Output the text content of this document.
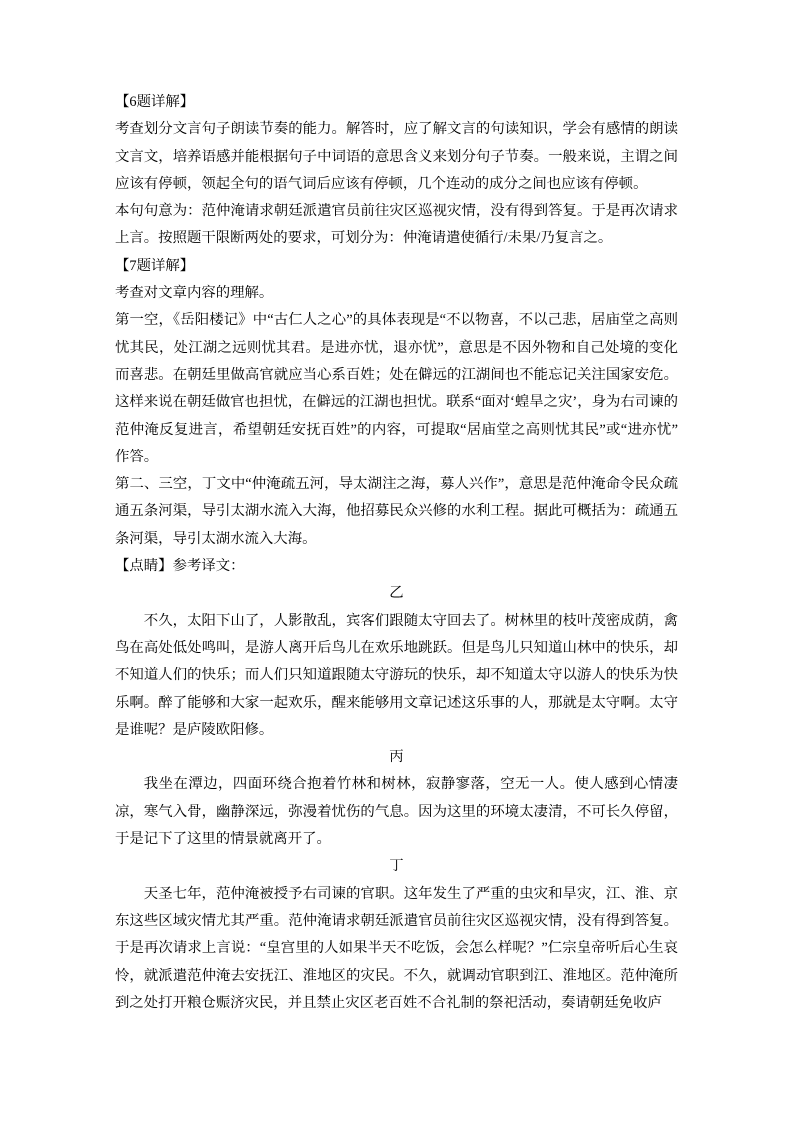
【6题详解】

考查划分文言句子朗读节奏的能力。解答时，应了解文言的句读知识，学会有感情的朗读文言文，培养语感并能根据句子中词语的意思含义来划分句子节奏。一般来说，主谓之间应该有停顿，领起全句的语气词后应该有停顿，几个连动的成分之间也应该有停顿。

本句句意为：范仲淹请求朝廷派遣官员前往灾区巡视灾情，没有得到答复。于是再次请求上言。按照题干限断两处的要求，可划分为：仲淹请遣使循行/未果/乃复言之。

【7题详解】

考查对文章内容的理解。

第一空，《岳阳楼记》中“古仁人之心”的具体表现是“不以物喜，不以己悲，居庙堂之高则忧其民，处江湖之远则忧其君。是进亦忧，退亦忧”，意思是不因外物和自己处境的变化而喜悲。在朝廷里做高官就应当心系百姓；处在僻远的江湖间也不能忘记关注国家安危。这样来说在朝廷做官也担忧，在僻远的江湖也担忧。联系“面对‘蝗旱之灾’，身为右司谏的范仲淹反复进言，希望朝廷安抚百姓”的内容，可提取“居庙堂之高则忧其民”或“进亦忧”作答。

第二、三空，丁文中“仲淹疏五河，导太湖注之海，募人兴作”，意思是范仲淹命令民众疏通五条河渠，导引太湖水流入大海，他招募民众兴修的水利工程。据此可概括为：疏通五条河渠，导引太湖水流入大海。

【点睛】参考译文：

乙

不久，太阳下山了，人影散乱，宾客们跟随太守回去了。树林里的枝叶茂密成荫，禽鸟在高处低处鸣叫，是游人离开后鸟儿在欢乐地跳跃。但是鸟儿只知道山林中的快乐，却不知道人们的快乐；而人们只知道跟随太守游玩的快乐，却不知道太守以游人的快乐为快乐啊。醉了能够和大家一起欢乐，醒来能够用文章记述这乐事的人，那就是太守啊。太守是谁呢？是庐陵欧阳修。

丙

我坐在潭边，四面环绕合抱着竹林和树林，寂静寥落，空无一人。使人感到心情凄凉，寒气入骨，幽静深远，弥漫着忧伤的气息。因为这里的环境太凄清，不可长久停留，于是记下了这里的情景就离开了。

丁

天圣七年，范仲淹被授予右司谏的官职。这年发生了严重的虫灾和旱灾，江、淮、京东这些区域灾情尤其严重。范仲淹请求朝廷派遣官员前往灾区巡视灾情，没有得到答复。于是再次请求上言说：“皇宫里的人如果半天不吃饭，会怎么样呢？”仁宗皇帝听后心生哀怜，就派遣范仲淹去安抚江、淮地区的灾民。不久，就调动官职到江、淮地区。范仲淹所到之处打开粮仓赈济灾民，并且禁止灾区老百姓不合礼制的祭祀活动，奏请朝廷免收庐
